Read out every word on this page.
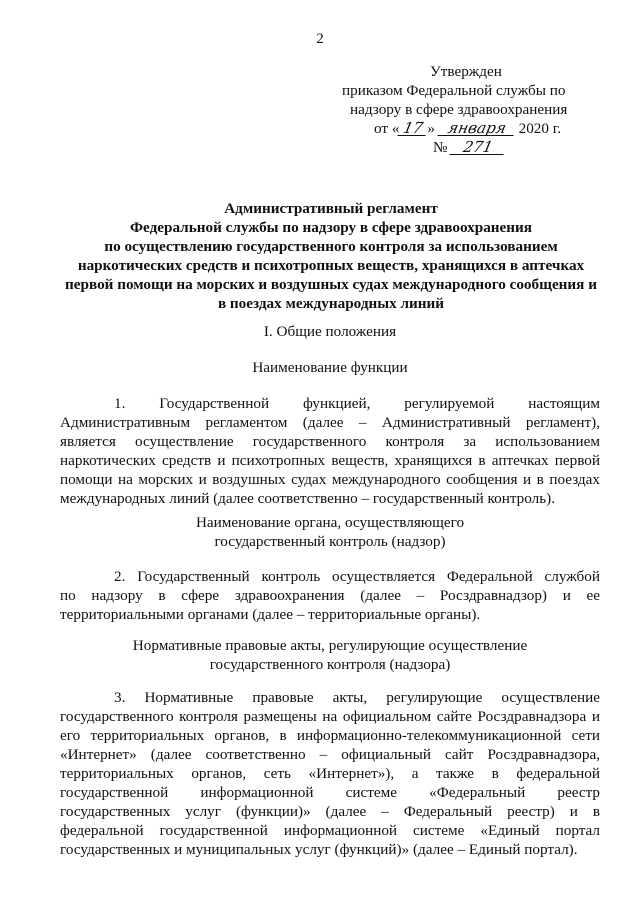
2
Утвержден
приказом Федеральной службы по
надзору в сфере здравоохранения
от « 17 » января 2020 г.
№ 271
Административный регламент
Федеральной службы по надзору в сфере здравоохранения
по осуществлению государственного контроля за использованием
наркотических средств и психотропных веществ, хранящихся в аптечках
первой помощи на морских и воздушных судах международного сообщения и
в поездах международных линий
I. Общие положения
Наименование функции
1. Государственной функцией, регулируемой настоящим
Административным регламентом (далее – Административный регламент),
является осуществление государственного контроля за использованием
наркотических средств и психотропных веществ, хранящихся в аптечках первой
помощи на морских и воздушных судах международного сообщения и в поездах
международных линий (далее соответственно – государственный контроль).
Наименование органа, осуществляющего
государственный контроль (надзор)
2. Государственный контроль осуществляется Федеральной службой
по надзору в сфере здравоохранения (далее – Росздравнадзор) и ее
территориальными органами (далее – территориальные органы).
Нормативные правовые акты, регулирующие осуществление
государственного контроля (надзора)
3. Нормативные правовые акты, регулирующие осуществление
государственного контроля размещены на официальном сайте Росздравнадзора и
его территориальных органов, в информационно-телекоммуникационной сети
«Интернет» (далее соответственно – официальный сайт Росздравнадзора,
территориальных органов, сеть «Интернет»), а также в федеральной
государственной информационной системе «Федеральный реестр
государственных услуг (функции)» (далее – Федеральный реестр) и в
федеральной государственной информационной системе «Единый портал
государственных и муниципальных услуг (функций)» (далее – Единый портал).
